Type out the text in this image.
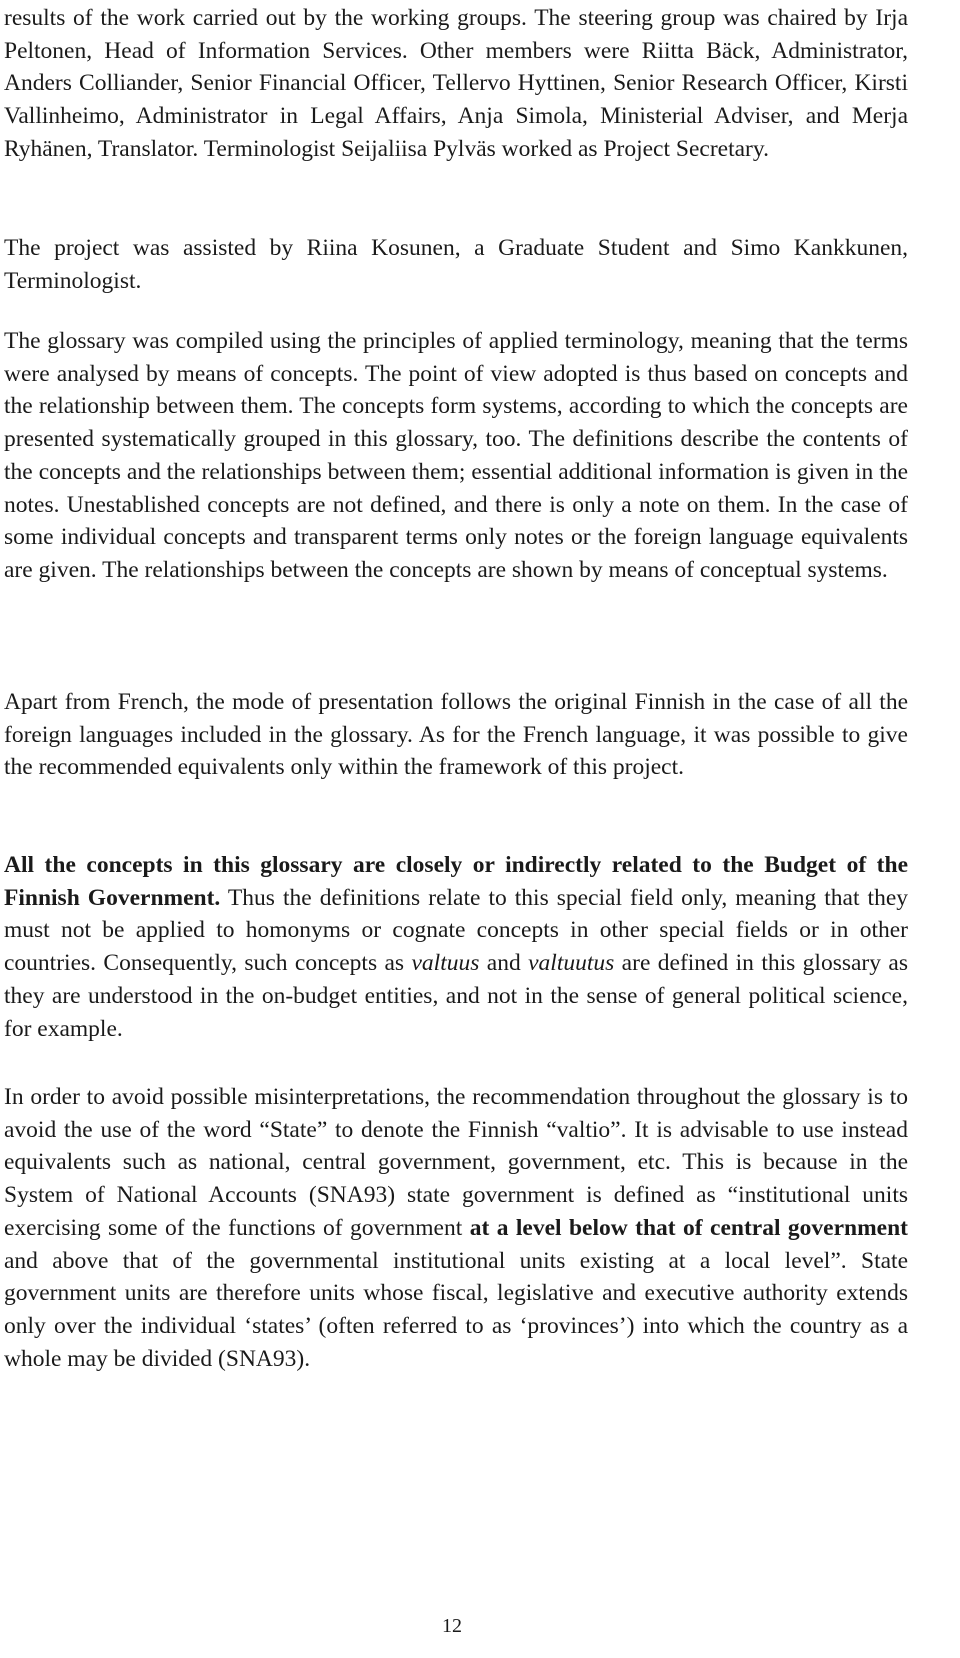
results of the work carried out by the working groups. The steering group was chaired by Irja Peltonen, Head of Information Services. Other members were Riitta Bäck, Administrator, Anders Colliander, Senior Financial Officer, Tellervo Hyttinen, Senior Research Officer, Kirsti Vallinheimo, Administrator in Legal Affairs, Anja Simola, Ministerial Adviser, and Merja Ryhänen, Translator. Terminologist Seijaliisa Pylväs worked as Project Secretary.

The project was assisted by Riina Kosunen, a Graduate Student and Simo Kankkunen, Terminologist.

The glossary was compiled using the principles of applied terminology, meaning that the terms were analysed by means of concepts. The point of view adopted is thus based on concepts and the relationship between them. The concepts form systems, according to which the concepts are presented systematically grouped in this glossary, too. The definitions describe the contents of the concepts and the relationships between them; essential additional information is given in the notes. Unestablished concepts are not defined, and there is only a note on them. In the case of some individual concepts and transparent terms only notes or the foreign language equivalents are given. The relationships between the concepts are shown by means of conceptual systems.

Apart from French, the mode of presentation follows the original Finnish in the case of all the foreign languages included in the glossary. As for the French language, it was possible to give the recommended equivalents only within the framework of this project.

All the concepts in this glossary are closely or indirectly related to the Budget of the Finnish Government. Thus the definitions relate to this special field only, meaning that they must not be applied to homonyms or cognate concepts in other special fields or in other countries. Consequently, such concepts as valtuus and valtuutus are defined in this glossary as they are understood in the on-budget entities, and not in the sense of general political science, for example.

In order to avoid possible misinterpretations, the recommendation throughout the glossary is to avoid the use of the word “State” to denote the Finnish “valtio”. It is advisable to use instead equivalents such as national, central government, government, etc. This is because in the System of National Accounts (SNA93) state government is defined as “institutional units exercising some of the functions of government at a level below that of central government and above that of the governmental institutional units existing at a local level”. State government units are therefore units whose fiscal, legislative and executive authority extends only over the individual ‘states’ (often referred to as ‘provinces’) into which the country as a whole may be divided (SNA93).

12
